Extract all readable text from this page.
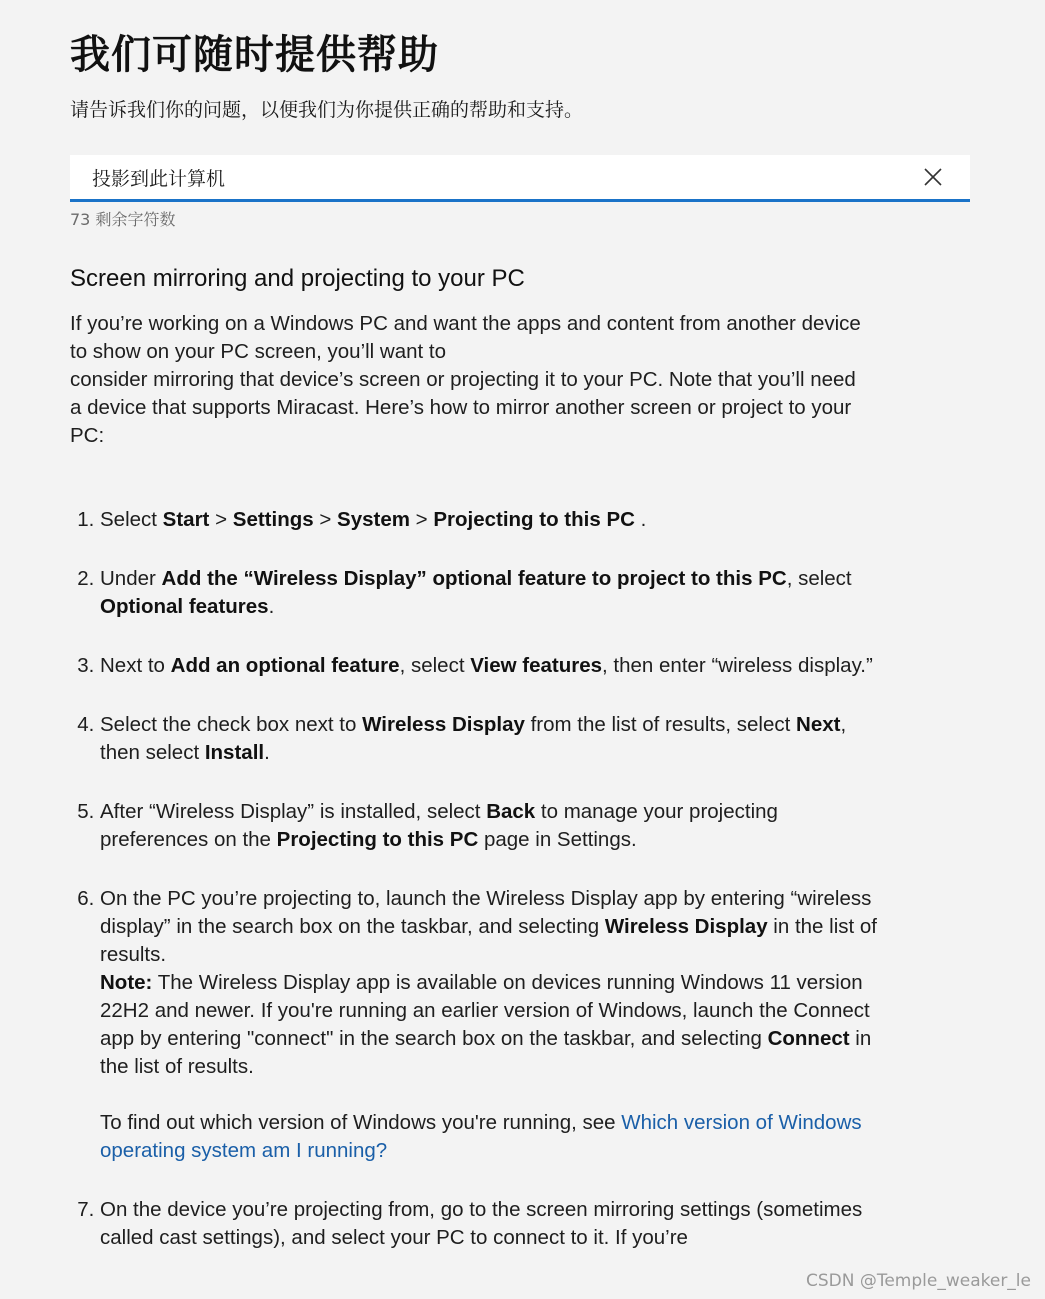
我们可随时提供帮助

请告诉我们你的问题，以便我们为你提供正确的帮助和支持。

投影到此计算机
73 剩余字符数
Screen mirroring and projecting to your PC

If you’re working on a Windows PC and want the apps and content from another device to show on your PC screen, you’ll want to
consider mirroring that device’s screen or projecting it to your PC. Note that you’ll need a device that supports Miracast. Here’s how to mirror another screen or project to your PC:

1. Select Start > Settings > System > Projecting to this PC .
2. Under Add the “Wireless Display” optional feature to project to this PC, select Optional features.
3. Next to Add an optional feature, select View features, then enter “wireless display.”
4. Select the check box next to Wireless Display from the list of results, select Next, then select Install.
5. After “Wireless Display” is installed, select Back to manage your projecting preferences on the Projecting to this PC page in Settings.
6. On the PC you’re projecting to, launch the Wireless Display app by entering “wireless display” in the search box on the taskbar, and selecting Wireless Display in the list of results.
Note: The Wireless Display app is available on devices running Windows 11 version 22H2 and newer. If you're running an earlier version of Windows, launch the Connect app by entering "connect" in the search box on the taskbar, and selecting Connect in the list of results.
To find out which version of Windows you're running, see Which version of Windows operating system am I running?
7. On the device you’re projecting from, go to the screen mirroring settings (sometimes called cast settings), and select your PC to connect to it. If you’re
CSDN @Temple_weaker_le
